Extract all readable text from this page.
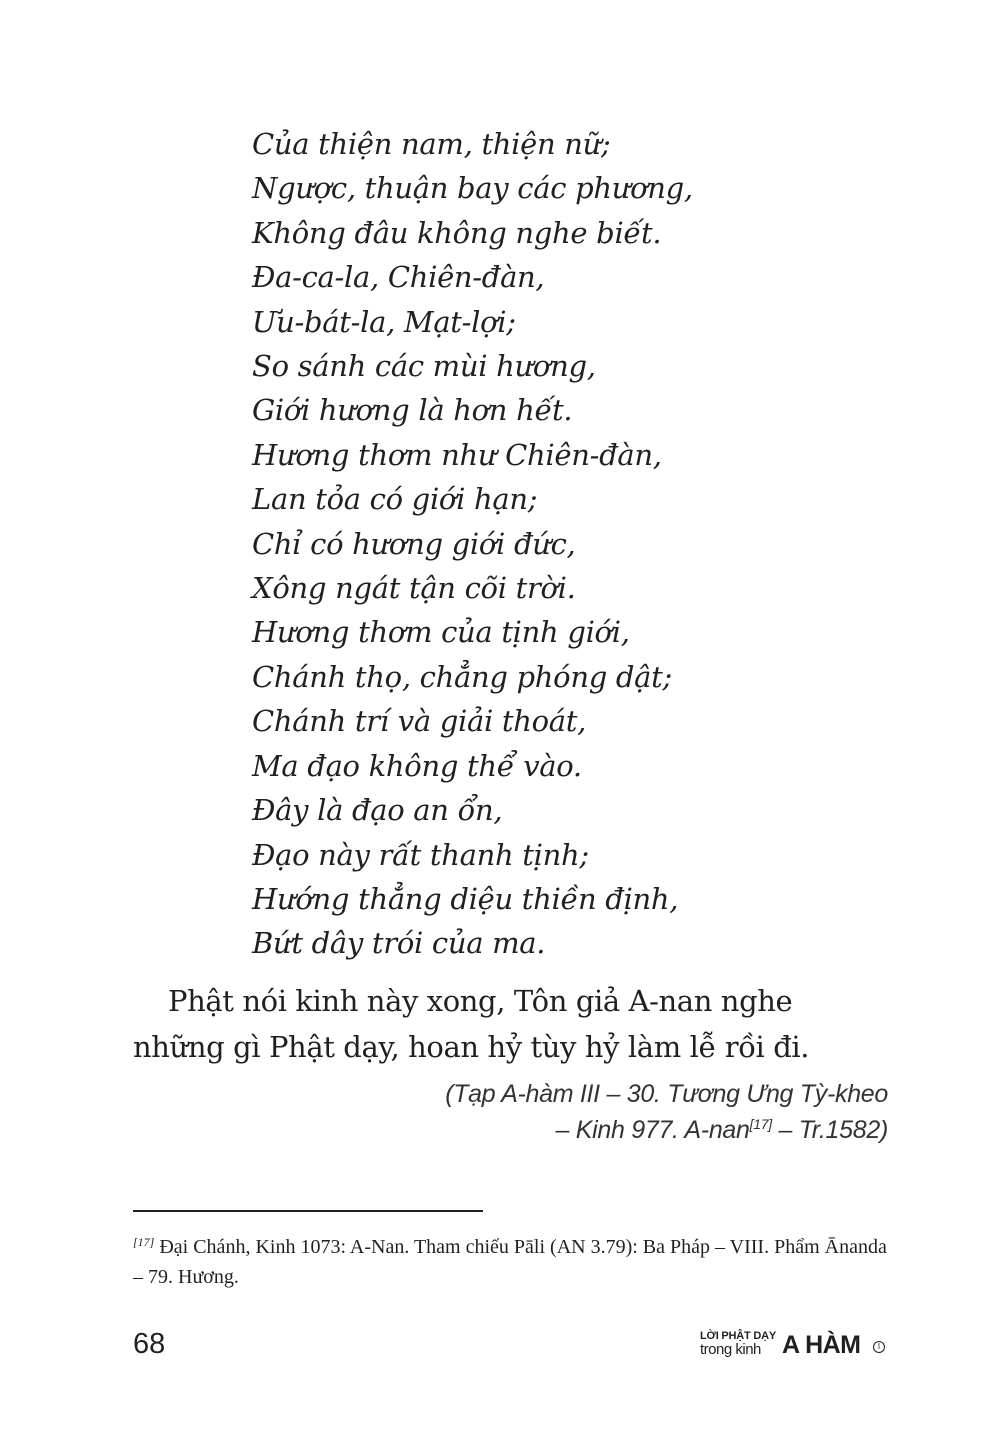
Của thiện nam, thiện nữ;
Ngược, thuận bay các phương,
Không đâu không nghe biết.
Đa-ca-la, Chiên-đàn,
Ưu-bát-la, Mạt-lợi;
So sánh các mùi hương,
Giới hương là hơn hết.
Hương thơm như Chiên-đàn,
Lan tỏa có giới hạn;
Chỉ có hương giới đức,
Xông ngát tận cõi trời.
Hương thơm của tịnh giới,
Chánh thọ, chẳng phóng dật;
Chánh trí và giải thoát,
Ma đạo không thể vào.
Đây là đạo an ổn,
Đạo này rất thanh tịnh;
Hướng thẳng diệu thiền định,
Bứt dây trói của ma.

Phật nói kinh này xong, Tôn giả A-nan nghe những gì Phật dạy, hoan hỷ tùy hỷ làm lễ rồi đi.

(Tạp A-hàm III – 30. Tương Ưng Tỳ-kheo
– Kinh 977. A-nan[17] – Tr.1582)

[17] Đại Chánh, Kinh 1073: A-Nan. Tham chiếu Pāli (AN 3.79): Ba Pháp – VIII. Phẩm Ānanda – 79. Hương.

68	LỜI PHẬT DẠY
trong kinh A HÀM	I
